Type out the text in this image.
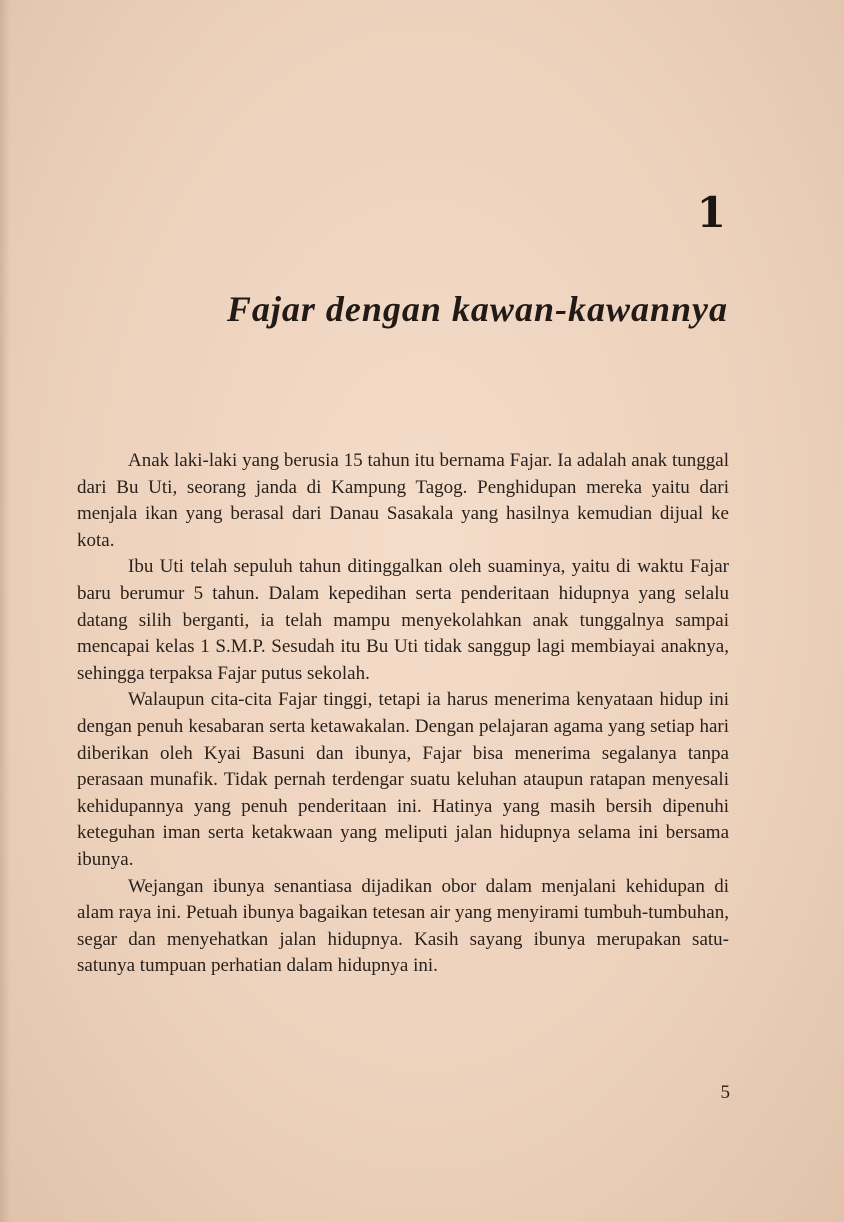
1
Fajar dengan kawan-kawannya

Anak laki-laki yang berusia 15 tahun itu bernama Fajar. Ia adalah anak tunggal dari Bu Uti, seorang janda di Kampung Tagog. Penghidupan mereka yaitu dari menjala ikan yang berasal dari Danau Sasakala yang hasilnya kemudian dijual ke kota.

Ibu Uti telah sepuluh tahun ditinggalkan oleh suaminya, yaitu di waktu Fajar baru berumur 5 tahun. Dalam kepedihan serta penderitaan hidupnya yang selalu datang silih berganti, ia telah mampu menyekolahkan anak tunggalnya sampai mencapai kelas 1 S.M.P. Sesudah itu Bu Uti tidak sanggup lagi membiayai anaknya, sehingga terpaksa Fajar putus sekolah.

Walaupun cita-cita Fajar tinggi, tetapi ia harus menerima kenyataan hidup ini dengan penuh kesabaran serta ketawakalan. Dengan pelajaran agama yang setiap hari diberikan oleh Kyai Basuni dan ibunya, Fajar bisa menerima segalanya tanpa perasaan munafik. Tidak pernah terdengar suatu keluhan ataupun ratapan menyesali kehidupannya yang penuh penderitaan ini. Hatinya yang masih bersih dipenuhi keteguhan iman serta ketakwaan yang meliputi jalan hidupnya selama ini bersama ibunya.

Wejangan ibunya senantiasa dijadikan obor dalam menjalani kehidupan di alam raya ini. Petuah ibunya bagaikan tetesan air yang menyirami tumbuh-tumbuhan, segar dan menyehatkan jalan hidupnya. Kasih sayang ibunya merupakan satu-satunya tumpuan perhatian dalam hidupnya ini.

5
